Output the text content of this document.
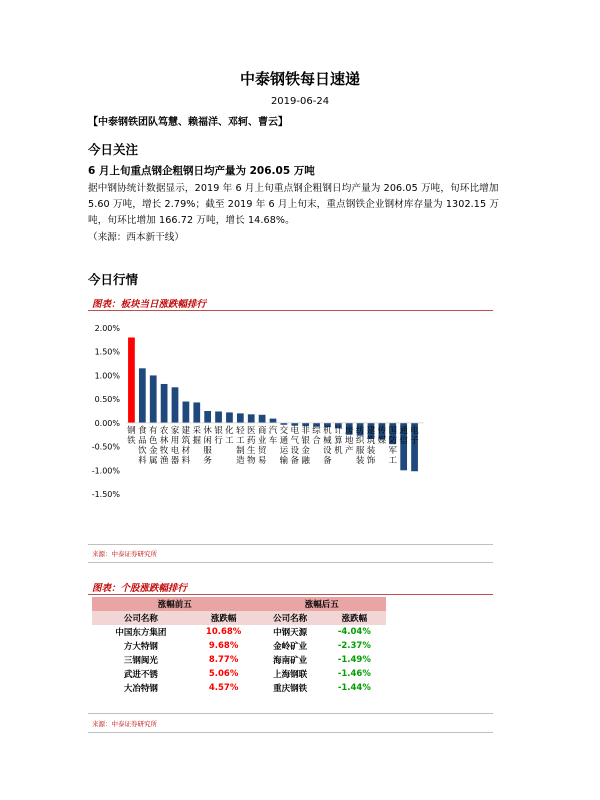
中泰钢铁每日速递
2019-06-24
【中泰钢铁团队笃慧、赖福洋、邓轲、曹云】
今日关注
6 月上旬重点钢企粗钢日均产量为 206.05 万吨
据中钢协统计数据显示，2019 年 6 月上旬重点钢企粗钢日均产量为 206.05 万吨，旬环比增加 5.60 万吨，增长 2.79%；截至 2019 年 6 月上旬末，重点钢铁企业钢材库存量为 1302.15 万吨，旬环比增加 166.72 万吨，增长 14.68%。
（来源：西本新干线）
今日行情
图表：板块当日涨跌幅排行
2.00%
1.50%
1.00%
0.50%
0.00%
-0.50%
-1.00%
-1.50%
钢铁
食品饮料
有色金属
农林牧渔
家用电器
建筑材料
采掘
休闲服务
银行
化工
轻工制造
医药生物
商业贸易
汽车
交通运输
电气设备
非银金融
综合
机械设备
计算机
房地产
纺织服装
建筑装饰
传媒
国防军工
通信
电子
来源：中泰证券研究所
图表：个股涨跌幅排行
涨幅前五		涨幅后五	
公司名称	涨跌幅	公司名称	涨跌幅
中国东方集团	10.68%	中钢天源	-4.04%
方大特钢	9.68%	金岭矿业	-2.37%
三钢闽光	8.77%	海南矿业	-1.49%
武进不锈	5.06%	上海钢联	-1.46%
大冶特钢	4.57%	重庆钢铁	-1.44%
来源：中泰证券研究所
